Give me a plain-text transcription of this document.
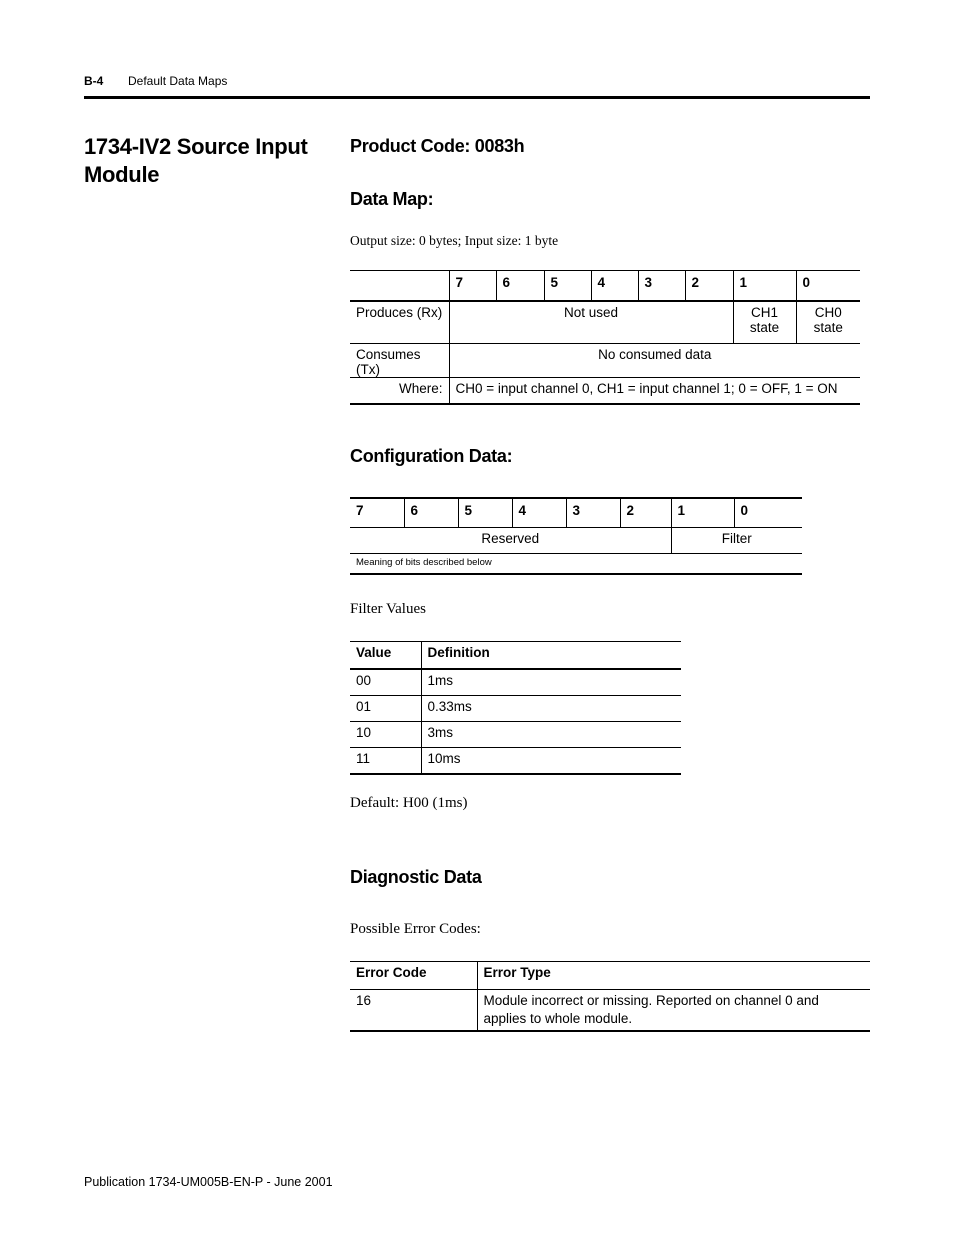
B-4 Default Data Maps
1734-IV2 Source Input Module
Product Code: 0083h
Data Map:
Output size: 0 bytes; Input size: 1 byte
	7	6	5	4	3	2	1	0
Produces (Rx)	Not used						CH1 state	CH0 state
Consumes (Tx)	No consumed data							
Where:	CH0 = input channel 0, CH1 = input channel 1; 0 = OFF, 1 = ON							
Configuration Data:
7	6	5	4	3	2	1	0
Reserved						Filter	
Meaning of bits described below							
Filter Values
Value	Definition
00	1ms
01	0.33ms
10	3ms
11	10ms
Default: H00 (1ms)
Diagnostic Data
Possible Error Codes:
Error Code	Error Type
16	Module incorrect or missing. Reported on channel 0 and applies to whole module.
Publication 1734-UM005B-EN-P - June 2001
